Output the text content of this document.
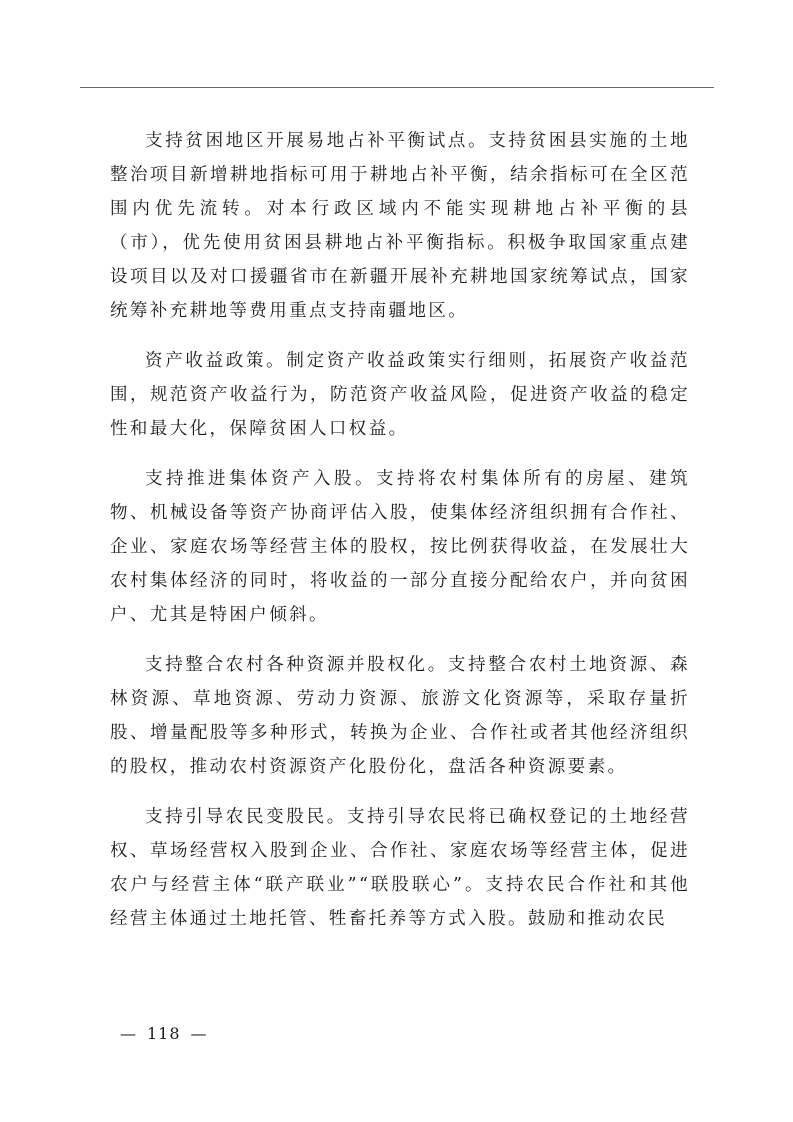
支持贫困地区开展易地占补平衡试点。支持贫困县实施的土地整治项目新增耕地指标可用于耕地占补平衡，结余指标可在全区范围内优先流转。对本行政区域内不能实现耕地占补平衡的县（市），优先使用贫困县耕地占补平衡指标。积极争取国家重点建设项目以及对口援疆省市在新疆开展补充耕地国家统筹试点，国家统筹补充耕地等费用重点支持南疆地区。

资产收益政策。制定资产收益政策实行细则，拓展资产收益范围，规范资产收益行为，防范资产收益风险，促进资产收益的稳定性和最大化，保障贫困人口权益。

支持推进集体资产入股。支持将农村集体所有的房屋、建筑物、机械设备等资产协商评估入股，使集体经济组织拥有合作社、企业、家庭农场等经营主体的股权，按比例获得收益，在发展壮大农村集体经济的同时，将收益的一部分直接分配给农户，并向贫困户、尤其是特困户倾斜。

支持整合农村各种资源并股权化。支持整合农村土地资源、森林资源、草地资源、劳动力资源、旅游文化资源等，采取存量折股、增量配股等多种形式，转换为企业、合作社或者其他经济组织的股权，推动农村资源资产化股份化，盘活各种资源要素。

支持引导农民变股民。支持引导农民将已确权登记的土地经营权、草场经营权入股到企业、合作社、家庭农场等经营主体，促进农户与经营主体“联产联业”“联股联心”。支持农民合作社和其他经营主体通过土地托管、牲畜托养等方式入股。鼓励和推动农民

— 118 —
